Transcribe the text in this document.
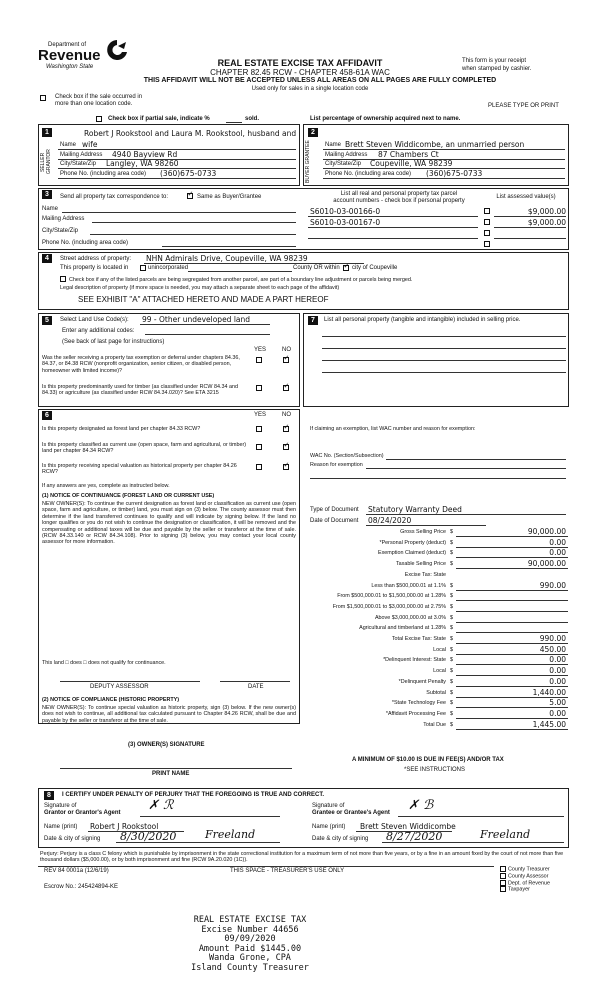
Department of
Revenue
Washington State	REAL ESTATE EXCISE TAX AFFIDAVIT
CHAPTER 82.45 RCW - CHAPTER 458-61A WAC
THIS AFFIDAVIT WILL NOT BE ACCEPTED UNLESS ALL AREAS ON ALL PAGES ARE FULLY COMPLETED
Used only for sales in a single location code
This form is your receipt
when stamped by cashier.
Check box if the sale occurred in
more than one location code.	PLEASE TYPE OR PRINT
Check box if partial sale, indicate %	sold.	List percentage of ownership acquired next to name.
1	2
SELLER GRANTOR	BUYER GRANTEE
Robert J Rookstool and Laura M. Rookstool, husband and
Name wife
Mailing Address 4940 Bayview Rd
City/State/Zip Langley, WA 98260
Phone No. (including area code) (360)675-0733
Name Brett Steven Widdicombe, an unmarried person
Mailing Address 87 Chambers Ct
City/State/Zip Coupeville, WA 98239
Phone No. (including area code) (360)675-0733
3	Send all property tax correspondence to: ✓	Same as Buyer/Grantee
Name
Mailing Address
City/State/Zip
Phone No. (including area code)
List all real and personal property tax parcel
account numbers - check box if personal property
List assessed value(s)
S6010-03-00166-0	$9,000.00
S6010-03-00167-0	$9,000.00
4	Street address of property: NHN Admirals Drive, Coupeville, WA 98239
This property is located in	unincorporated	County OR within ✓ city of Coupeville
Check box if any of the listed parcels are being segregated from another parcel, are part of a boundary line adjustment or parcels being merged.
Legal description of property (if more space is needed, you may attach a separate sheet to each page of the affidavit)
SEE EXHIBIT "A" ATTACHED HERETO AND MADE A PART HEREOF
5	Select Land Use Code(s): 99 - Other undeveloped land
Enter any additional codes:
(See back of last page for instructions)
YES	NO
Was the seller receiving a property tax exemption or deferral under chapters 84.36, 84.37, or 84.38 RCW (nonprofit organization, senior citizen, or disabled person, homeowner with limited income)?
✓
Is this property predominantly used for timber (as classified under RCW 84.34 and 84.33) or agriculture (as classified under RCW 84.34.020)? See ETA 3215
✓
7	List all personal property (tangible and intangible) included in selling price.
6	YES	NO
Is this property designated as forest land per chapter 84.33 RCW?
✓
Is this property classified as current use (open space, farm and agricultural, or timber) land per chapter 84.34 RCW?
✓
Is this property receiving special valuation as historical property per chapter 84.26 RCW?
✓
If any answers are yes, complete as instructed below.
(1) NOTICE OF CONTINUANCE (FOREST LAND OR CURRENT USE)
NEW OWNER(S): To continue the current designation as forest land or classification as current use (open space, farm and agriculture, or timber) land, you must sign on (3) below. The county assessor must then determine if the land transferred continues to qualify and will indicate by signing below. If the land no longer qualifies or you do not wish to continue the designation or classification, it will be removed and the compensating or additional taxes will be due and payable by the seller or transferor at the time of sale. (RCW 84.33.140 or RCW 84.34.108). Prior to signing (3) below, you may contact your local county assessor for more information.
This land □ does □ does not qualify for continuance.
DEPUTY ASSESSOR	DATE
(2) NOTICE OF COMPLIANCE (HISTORIC PROPERTY)
NEW OWNER(S): To continue special valuation as historic property, sign (3) below. If the new owner(s) does not wish to continue, all additional tax calculated pursuant to Chapter 84.26 RCW, shall be due and payable by the seller or transferor at the time of sale.
(3) OWNER(S) SIGNATURE
PRINT NAME
If claiming an exemption, list WAC number and reason for exemption:
WAC No. (Section/Subsection)
Reason for exemption
Type of Document Statutory Warranty Deed
Date of Document 08/24/2020
Gross Selling Price $	90,000.00
*Personal Property (deduct) $	0.00
Exemption Claimed (deduct) $	0.00
Taxable Selling Price $	90,000.00
Excise Tax: State
Less than $500,000.01 at 1.1% $	990.00
From $500,000.01 to $1,500,000.00 at 1.28% $
From $1,500,000.01 to $3,000,000.00 at 2.75% $
Above $3,000,000.00 at 3.0% $
Agricultural and timberland at 1.28% $
Total Excise Tax: State $	990.00
Local $	450.00
*Delinquent Interest: State $	0.00
Local $	0.00
*Delinquent Penalty $	0.00
Subtotal $	1,440.00
*State Technology Fee $	5.00
*Affidavit Processing Fee $	0.00
Total Due $	1,445.00
A MINIMUM OF $10.00 IS DUE IN FEE(S) AND/OR TAX
*SEE INSTRUCTIONS
8	I CERTIFY UNDER PENALTY OF PERJURY THAT THE FOREGOING IS TRUE AND CORRECT.
Signature of
Grantor or Grantor's Agent ✗ ℛ	Signature of
Grantee or Grantee's Agent ✗ ℬ
Name (print) Robert J Rookstool	Name (print) Brett Steven Widdicombe
Date & city of signing 8/30/2020	Freeland	Date & city of signing 8/27/2020	Freeland
Perjury: Perjury is a class C felony which is punishable by imprisonment in the state correctional institution for a maximum term of not more than five years, or by a fine in an amount fixed by the court of not more than five thousand dollars ($5,000.00), or by both imprisonment and fine (RCW 9A.20.020 (1C)).
REV 84 0001a (12/6/19)	THIS SPACE - TREASURER'S USE ONLY
Escrow No.: 245424894-KE
County Treasurer
County Assessor
Dept. of Revenue
Taxpayer
REAL ESTATE EXCISE TAX
Excise Number 44656
09/09/2020
Amount Paid $1445.00
Wanda Grone, CPA
Island County Treasurer
